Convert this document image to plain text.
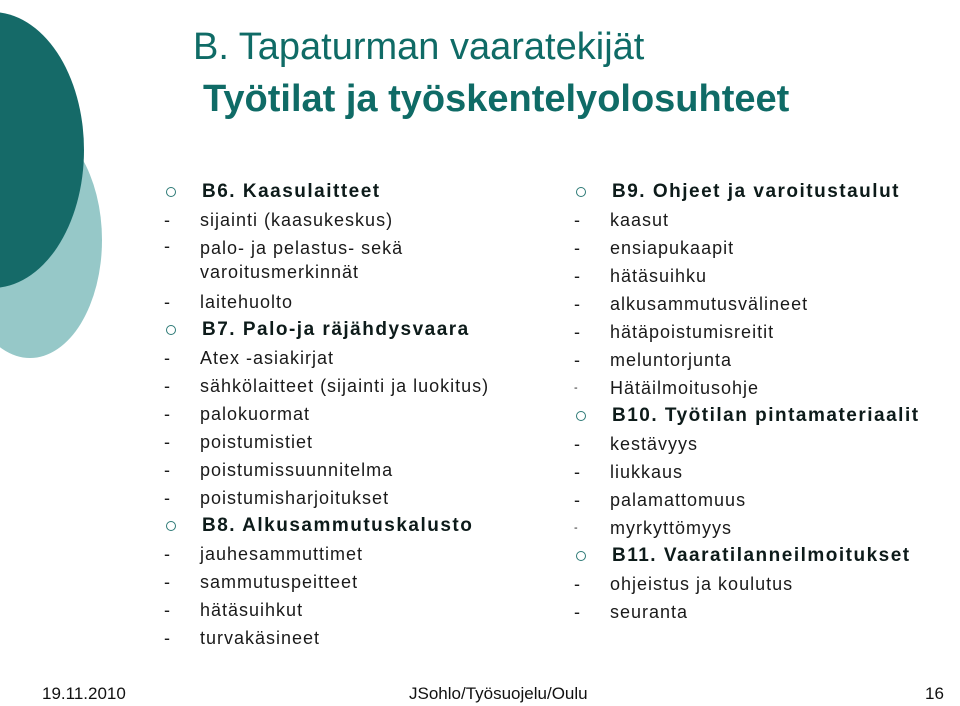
B. Tapaturman vaaratekijät
Työtilat ja työskentelyolosuhteet
B6. Kaasulaitteet
- sijainti (kaasukeskus)
- palo- ja pelastus- sekä varoitusmerkinnät
- laitehuolto
B7. Palo-ja räjähdysvaara
- Atex -asiakirjat
- sähkölaitteet (sijainti ja luokitus)
- palokuormat
- poistumistiet
- poistumissuunnitelma
- poistumisharjoitukset
B8. Alkusammutuskalusto
- jauhesammuttimet
- sammutuspeitteet
- hätäsuihkut
- turvakäsineet
B9. Ohjeet ja varoitustaulut
- kaasut
- ensiapukaapit
- hätäsuihku
- alkusammutusvälineet
- hätäpoistumisreitit
- meluntorjunta
- Hätäilmoitusohje
B10. Työtilan pintamateriaalit
- kestävyys
- liukkaus
- palamattomuus
- myrkyttömyys
B11. Vaaratilanneilmoitukset
- ohjeistus ja koulutus
- seuranta
19.11.2010	JSohlo/Työsuojelu/Oulu	16
